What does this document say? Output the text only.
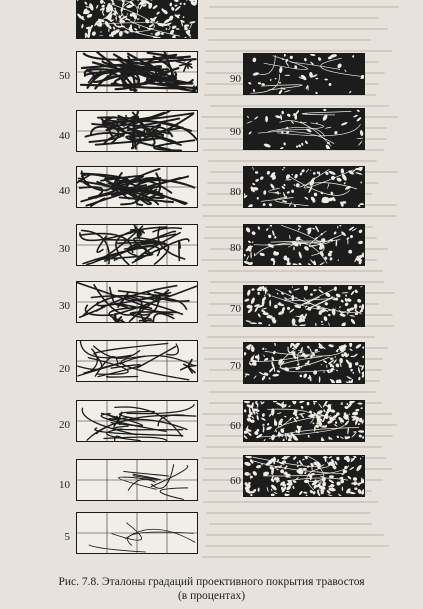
50
40
40
30
30
20
20
10
5
90
90
80
80
70
70
60
60
Рис. 7.8. Эталоны градаций проективного покрытия травостоя
(в процентах)
